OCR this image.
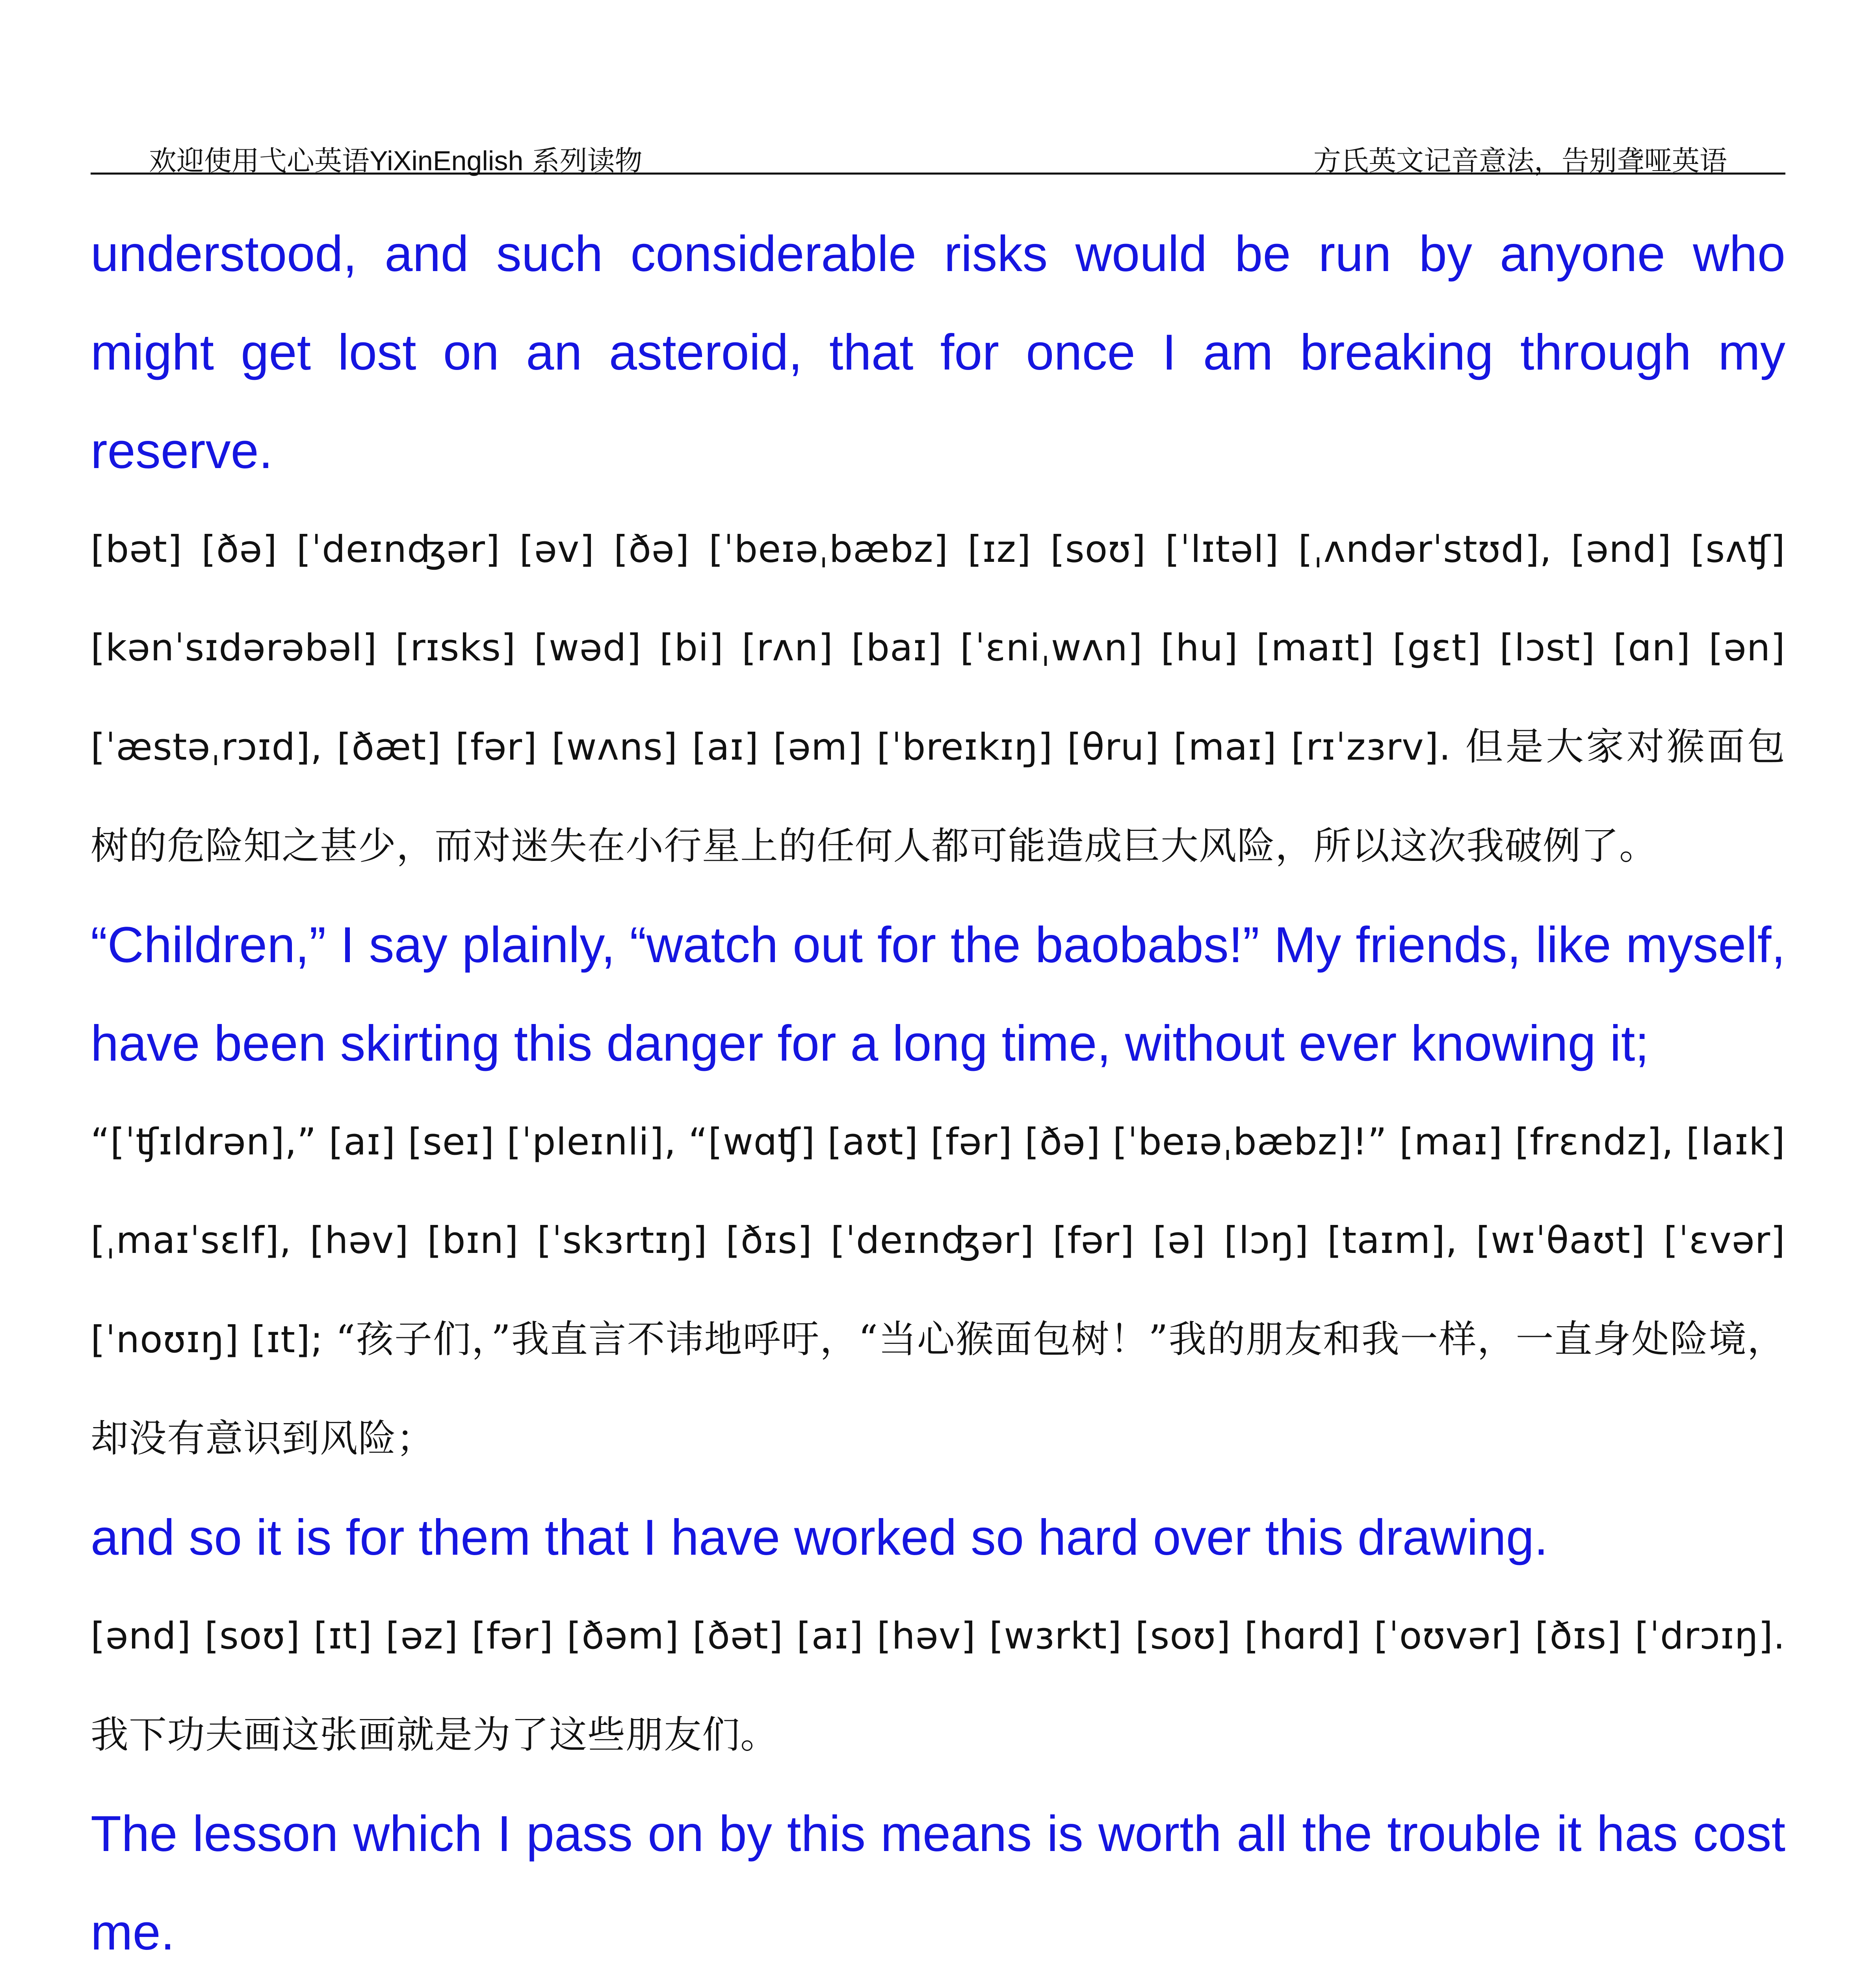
欢迎使用弋心英语YiXinEnglish 系列读物	方氏英文记音意法，告别聋哑英语

understood, and such considerable risks would be run by anyone who might get lost on an asteroid, that for once I am breaking through my reserve.

[bət] [ðə] [ˈdeɪnʤər] [əv] [ðə] [ˈbeɪəˌbæbz] [ɪz] [soʊ] [ˈlɪtəl] [ˌʌndərˈstʊd], [ənd] [sʌʧ] [kənˈsɪdərəbəl] [rɪsks] [wəd] [bi] [rʌn] [baɪ] [ˈɛniˌwʌn] [hu] [maɪt] [gɛt] [lɔst] [ɑn] [ən] [ˈæstəˌrɔɪd], [ðæt] [fər] [wʌns] [aɪ] [əm] [ˈbreɪkɪŋ] [θru] [maɪ] [rɪˈzɜrv]. 但是大家对猴面包树的危险知之甚少，而对迷失在小行星上的任何人都可能造成巨大风险，所以这次我破例了。

“Children,” I say plainly, “watch out for the baobabs!” My friends, like myself, have been skirting this danger for a long time, without ever knowing it;

“[ˈʧɪldrən],” [aɪ] [seɪ] [ˈpleɪnli], “[wɑʧ] [aʊt] [fər] [ðə] [ˈbeɪəˌbæbz]!” [maɪ] [frɛndz], [laɪk] [ˌmaɪˈsɛlf], [həv] [bɪn] [ˈskɜrtɪŋ] [ðɪs] [ˈdeɪnʤər] [fər] [ə] [lɔŋ] [taɪm], [wɪˈθaʊt] [ˈɛvər] [ˈnoʊɪŋ] [ɪt]; “孩子们，”我直言不讳地呼吁，“当心猴面包树！”我的朋友和我一样，一直身处险境，却没有意识到风险；

and so it is for them that I have worked so hard over this drawing.

[ənd] [soʊ] [ɪt] [əz] [fər] [ðəm] [ðət] [aɪ] [həv] [wɜrkt] [soʊ] [hɑrd] [ˈoʊvər] [ðɪs] [ˈdrɔɪŋ]. 我下功夫画这张画就是为了这些朋友们。

The lesson which I pass on by this means is worth all the trouble it has cost me.
